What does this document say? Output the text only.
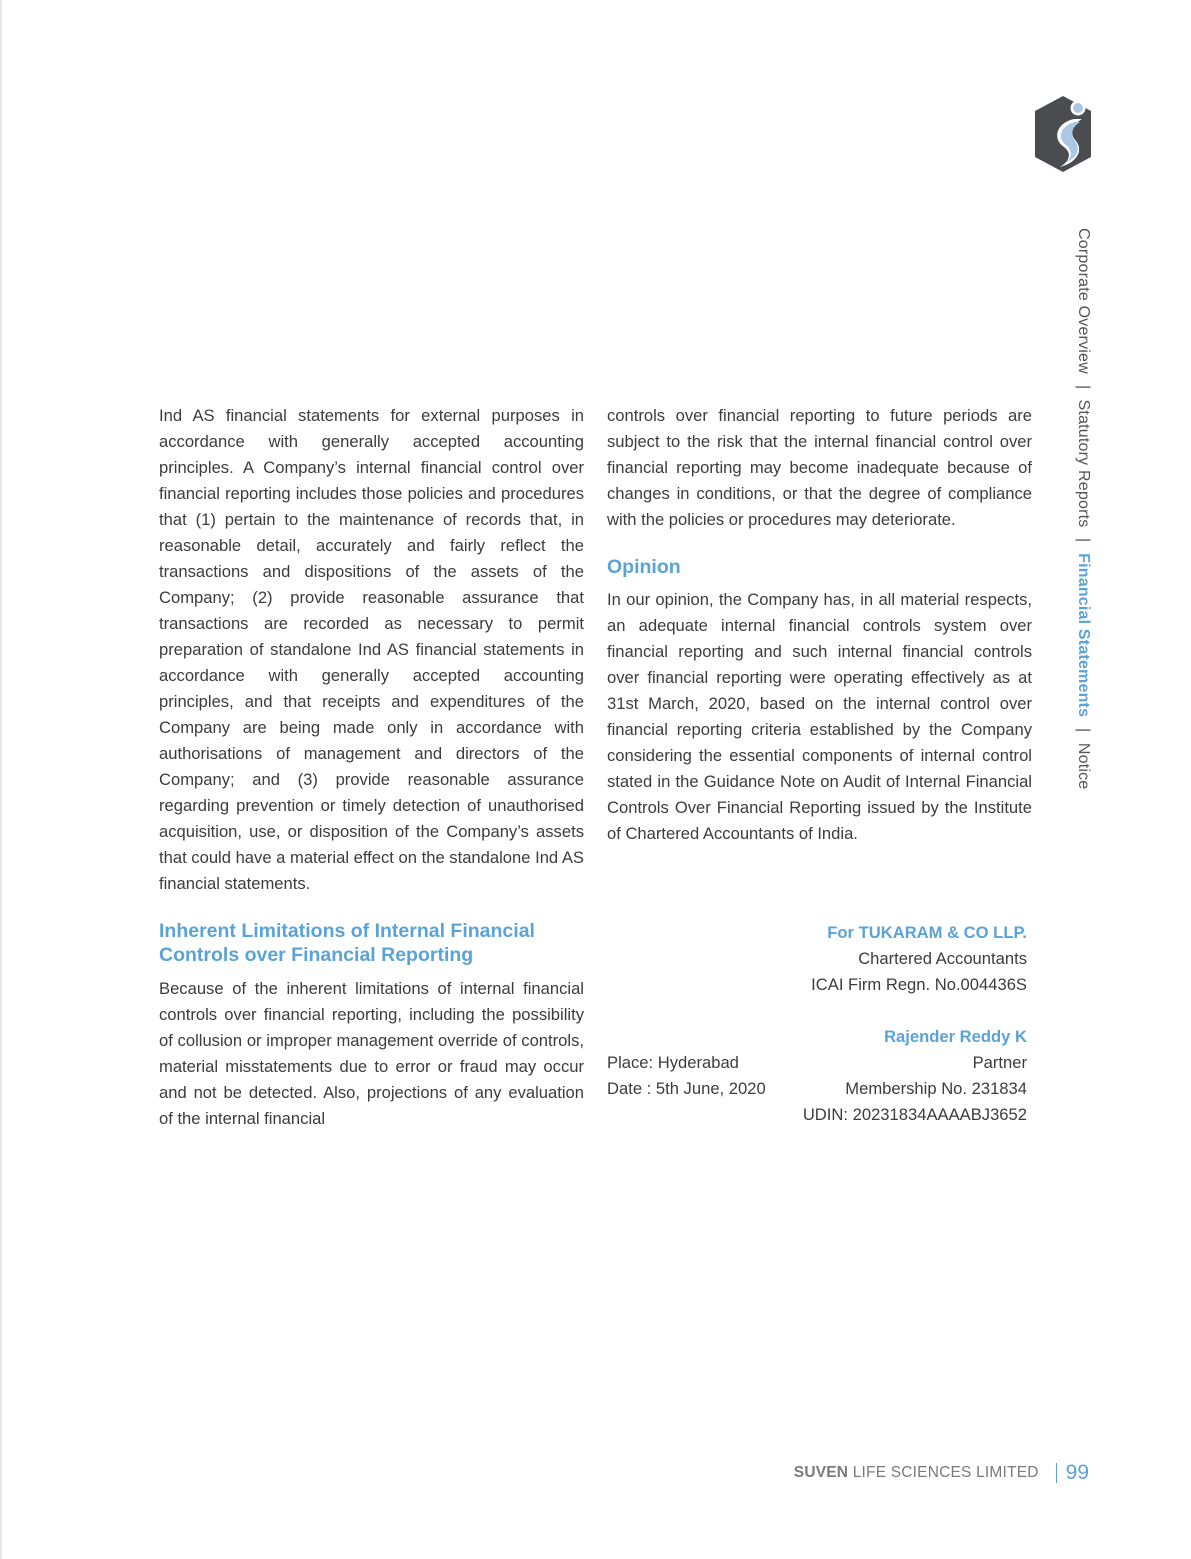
Corporate Overview | Statutory Reports | Financial Statements | Notice

Ind AS financial statements for external purposes in accordance with generally accepted accounting principles. A Company’s internal financial control over financial reporting includes those policies and procedures that (1) pertain to the maintenance of records that, in reasonable detail, accurately and fairly reflect the transactions and dispositions of the assets of the Company; (2) provide reasonable assurance that transactions are recorded as necessary to permit preparation of standalone Ind AS financial statements in accordance with generally accepted accounting principles, and that receipts and expenditures of the Company are being made only in accordance with authorisations of management and directors of the Company; and (3) provide reasonable assurance regarding prevention or timely detection of unauthorised acquisition, use, or disposition of the Company’s assets that could have a material effect on the standalone Ind AS financial statements.

Inherent Limitations of Internal Financial
Controls over Financial Reporting

Because of the inherent limitations of internal financial controls over financial reporting, including the possibility of collusion or improper management override of controls, material misstatements due to error or fraud may occur and not be detected. Also, projections of any evaluation of the internal financial

controls over financial reporting to future periods are subject to the risk that the internal financial control over financial reporting may become inadequate because of changes in conditions, or that the degree of compliance with the policies or procedures may deteriorate.

Opinion

In our opinion, the Company has, in all material respects, an adequate internal financial controls system over financial reporting and such internal financial controls over financial reporting were operating effectively as at 31st March, 2020, based on the internal control over financial reporting criteria established by the Company considering the essential components of internal control stated in the Guidance Note on Audit of Internal Financial Controls Over Financial Reporting issued by the Institute of Chartered Accountants of India.

For TUKARAM & CO LLP.
Chartered Accountants
ICAI Firm Regn. No.004436S
Rajender Reddy K
Place: Hyderabad	Partner
Date : 5th June, 2020	Membership No. 231834
UDIN: 20231834AAAABJ3652
SUVEN LIFE SCIENCES LIMITED 99
